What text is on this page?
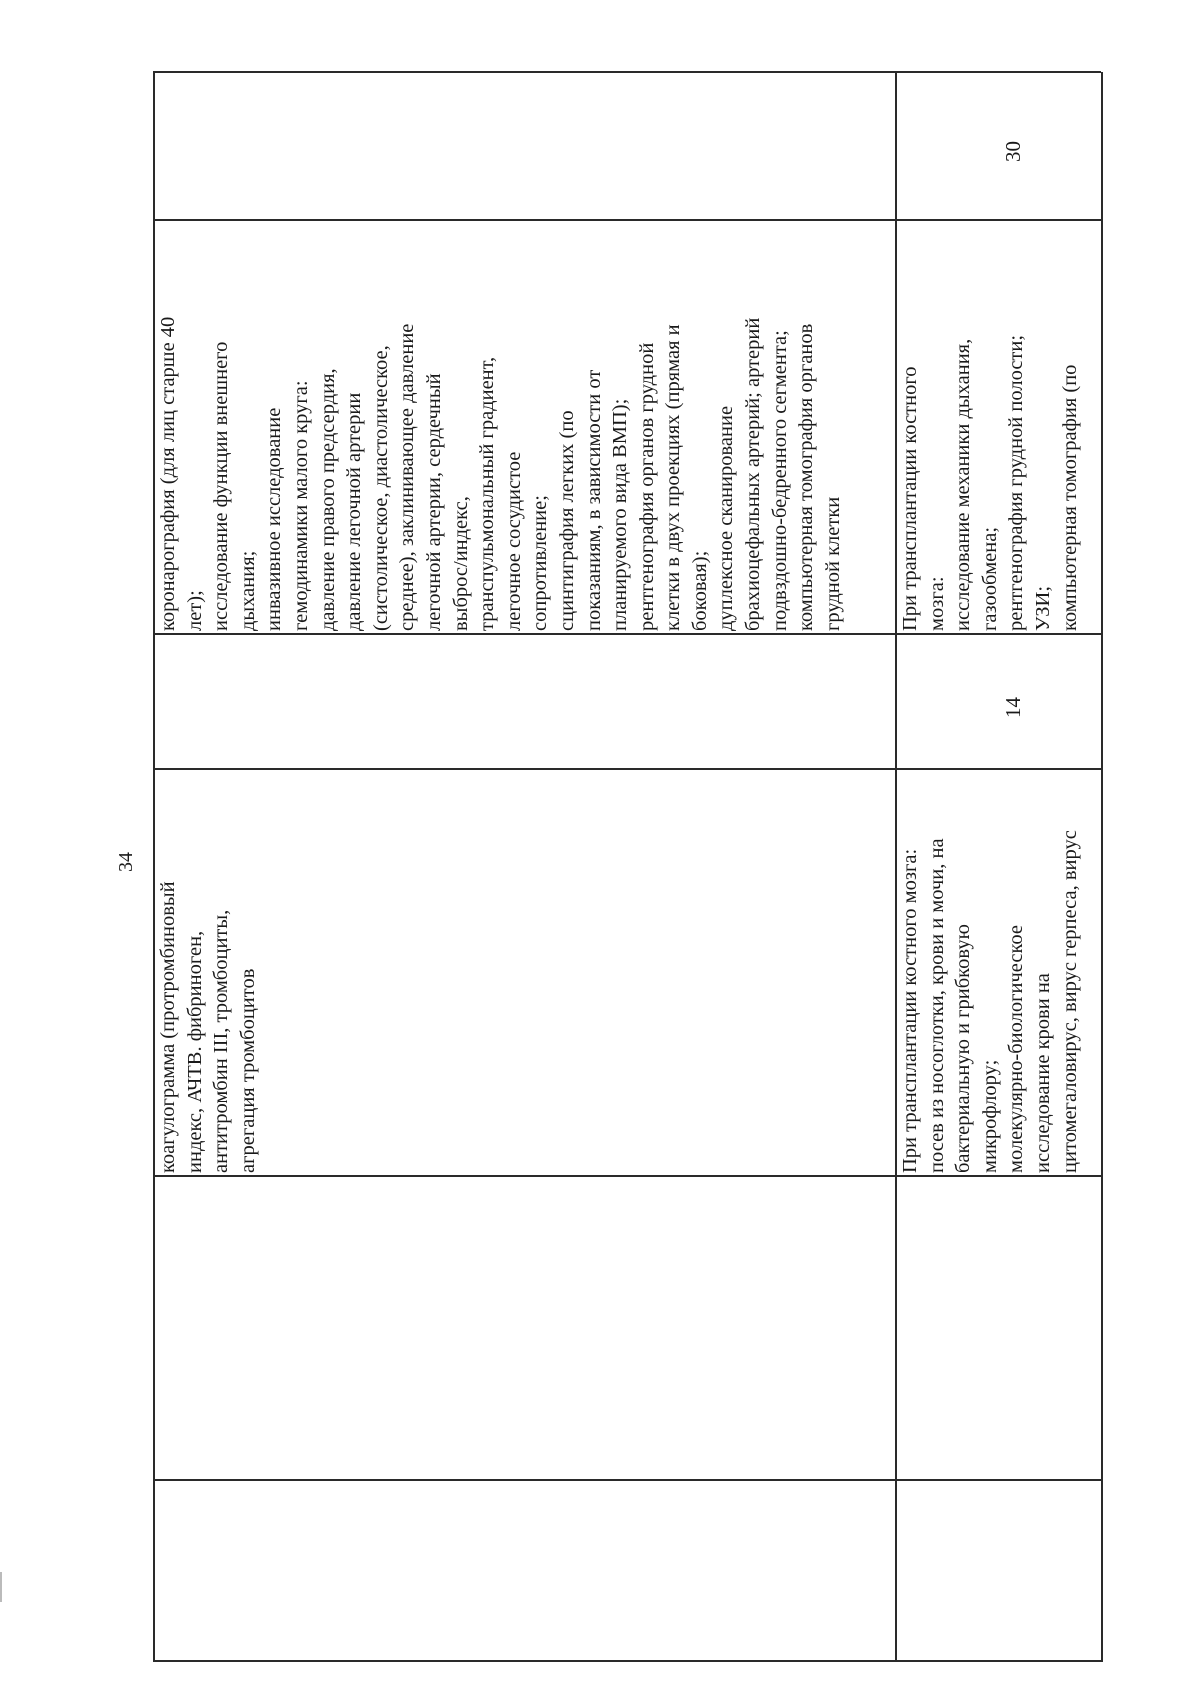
34
коагулограмма (протромбиновый
индекс, АЧТВ. фибриноген,
антитромбин III, тромбоциты,
агрегация тромбоцитов
коронарография (для лиц старше 40
лет);
исследование функции внешнего
дыхания;
инвазивное исследование
гемодинамики малого круга:
давление правого предсердия,
давление легочной артерии
(систолическое, диастолическое,
среднее), заклинивающее давление
легочной артерии, сердечный
выброс/индекс,
транспульмональный градиент,
легочное сосудистое
сопротивление;
сцинтиграфия легких (по
показаниям, в зависимости от
планируемого вида ВМП);
рентгенография органов грудной
клетки в двух проекциях (прямая и
боковая);
дуплексное сканирование
брахиоцефальных артерий; артерий
подвздошно-бедренного сегмента;
компьютерная томография органов
грудной клетки
При трансплантации костного мозга:
посев из носоглотки, крови и мочи, на
бактериальную и грибковую
микрофлору;
молекулярно-биологическое
исследование крови на
цитомегаловирус, вирус герпеса, вирус
14
При трансплантации костного
мозга:
исследование механики дыхания,
газообмена;
рентгенография грудной полости;
УЗИ;
компьютерная томография (по
30
